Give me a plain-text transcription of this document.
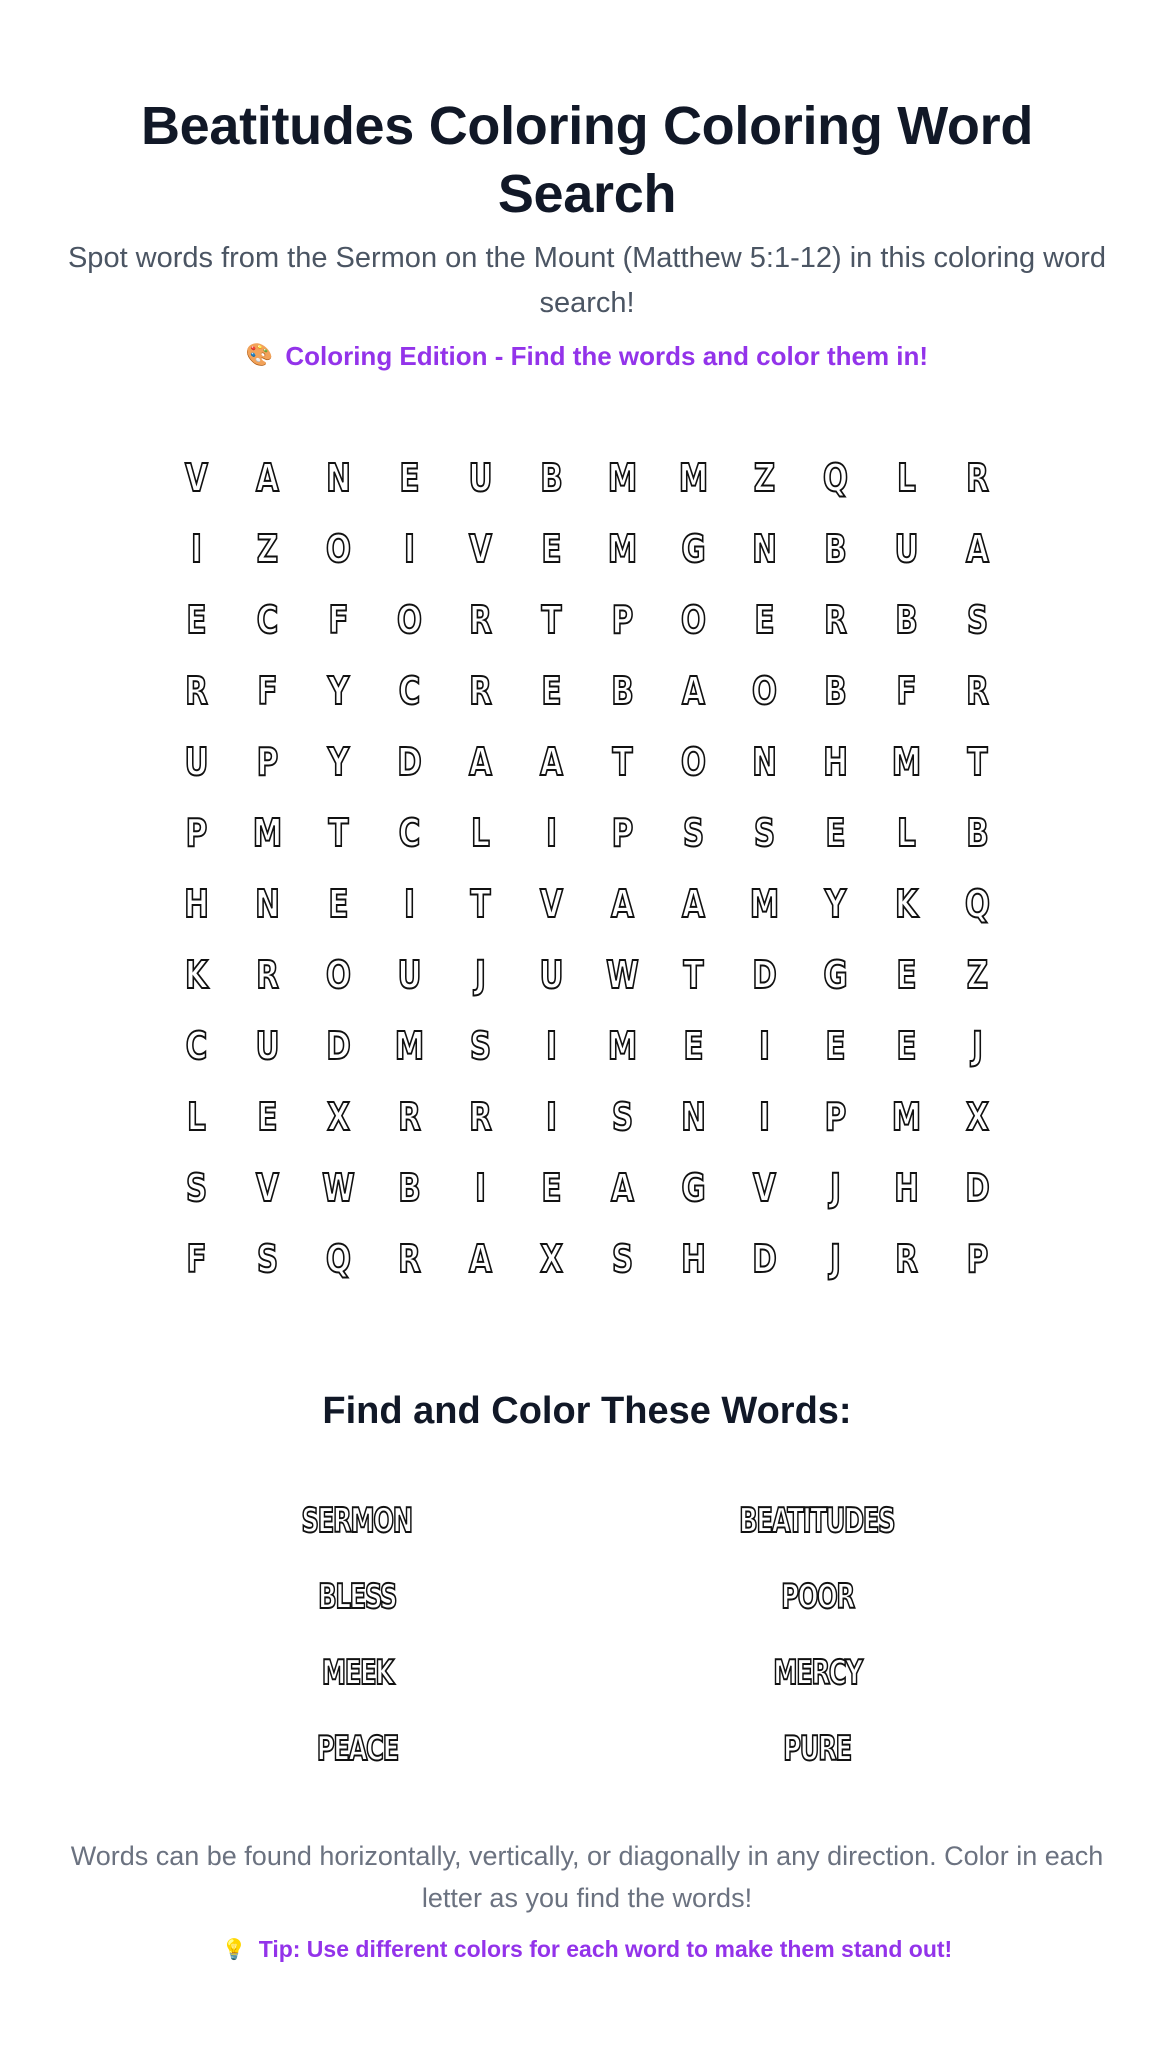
Beatitudes Coloring Coloring Word Search

Spot words from the Sermon on the Mount (Matthew 5:1-12) in this coloring word search!

🎨 Coloring Edition - Find the words and color them in!
V	A	N	E	U	B	M	M	Z	Q	L	R
I	Z	O	I	V	E	M	G	N	B	U	A
E	C	F	O	R	T	P	O	E	R	B	S
R	F	Y	C	R	E	B	A	O	B	F	R
U	P	Y	D	A	A	T	O	N	H	M	T
P	M	T	C	L	I	P	S	S	E	L	B
H	N	E	I	T	V	A	A	M	Y	K	Q
K	R	O	U	J	U	W	T	D	G	E	Z
C	U	D	M	S	I	M	E	I	E	E	J
L	E	X	R	R	I	S	N	I	P	M	X
S	V	W	B	I	E	A	G	V	J	H	D
F	S	Q	R	A	X	S	H	D	J	R	P
Find and Color These Words:
SERMON	BEATITUDES
BLESS	POOR
MEEK	MERCY
PEACE	PURE

Words can be found horizontally, vertically, or diagonally in any direction. Color in each letter as you find the words!

💡 Tip: Use different colors for each word to make them stand out!
